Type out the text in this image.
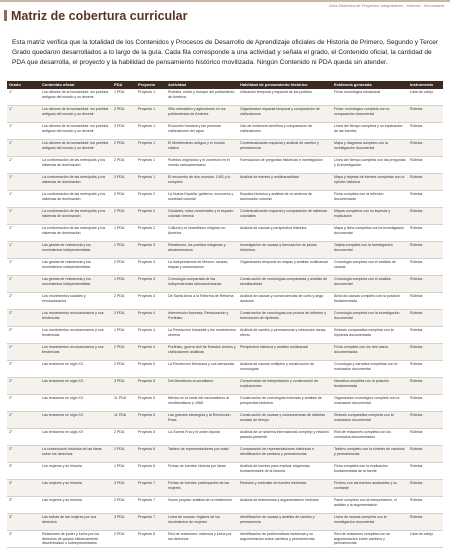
Guía Didáctica de Proyectos Integradores - Historia - Secundaria
Matriz de cobertura curricular
Esta matriz verifica que la totalidad de los Contenidos y Procesos de Desarrollo de Aprendizaje oficiales de Historia de Primero, Segundo y Tercer Grado quedaron desarrollados a lo largo de la guía. Cada fila corresponde a una actividad y señala el grado, el Contenido oficial, la cantidad de PDA que desarrolla, el proyecto y la habilidad de pensamiento histórico movilizada. Ningún Contenido ni PDA queda sin atender.
Grado	Contenido oficial	PDA	Proyecto	Actividad	Habilidad de pensamiento histórico	Evidencia generada	Instrumento
1°	Los albores de la humanidad: los pueblos antiguos del mundo y su devenir	1 PDA	Proyecto 1	Puentes, redes y trueque del poblamiento de América	Ubicación temporal y espacial de los pueblos	Ficha cronológica situacional	Lista de cotejo
1°	Los albores de la humanidad: los pueblos antiguos del mundo y su devenir	2 PDA	Proyecto 1	Sitio orientativo y agricultores en los poblamientos de América	Organización espacial temporal y comparación de civilizaciones	Ficha: cronológico completo con la comparación documental	Rúbrica
1°	Los albores de la humanidad: los pueblos antiguos del mundo y su devenir	3 PDA	Proyecto 1	Evolución humana y las primeras civilizaciones del agua	Uso de evidencia científica y comparación de civilizaciones	Línea del tiempo completa y su explicación de las fuentes	Rúbrica
1°	Los albores de la humanidad: los pueblos antiguos del mundo y su devenir	2 PDA	Proyecto 1	El Mediterráneo antiguo y el mundo clásico	Contextualización espacial y análisis de cambio y permanencia	Mapa y diagrama completo con la investigación documental	Rúbrica
1°	La conformación de las metrópolis y los sistemas de dominación	2 PDA	Proyecto 1	Pueblos originarios y el comercio en el mundo mesoamericano	Formulación de preguntas históricas e investigación	Línea del tiempo completa con las preguntas y la investigación	Rúbrica
1°	La conformación de las metrópolis y los sistemas de dominación	3 PDA	Proyecto 1	El encuentro de dos mundos: 1492 y lo completo	Análisis de fuentes y multicausalidad	Mapa y tarjetas de fuentes completas con la opinión histórica	Rúbrica
1°	La conformación de las metrópolis y los sistemas de dominación	2 PDA	Proyecto 2	La Nueva España: gobierno, economía y sociedad colonial	Empatía histórica y análisis de un sistema de dominación colonial	Ficha completa con la reflexión documentada	Rúbrica
1°	La conformación de las metrópolis y los sistemas de dominación	2 PDA	Proyecto 2	Ciudades, rutas comerciales y el espacio colonial virreinal	Contextualización espacial y comparación de sistemas coloniales	Mapas completos con su leyenda y explicación	Rúbrica
1°	La conformación de las metrópolis y los sistemas de dominación	1 PDA	Proyecto 2	Cultural y el sincretismo religioso en América	Análisis de causas y perspectiva histórica	Mapa y ficha completos con la investigación documental	Rúbrica
1°	Las gestas de resistencia y los movimientos independentistas	1 PDA	Proyecto 3	Rebeliones, los pueblos indígenas y afroamericanos	Investigación de causas y formulación de juicios históricos	Tarjeta completa con la investigación documental	Rúbrica
1°	Las gestas de resistencia y los movimientos independentistas	2 PDA	Proyecto 3	La independencia de México: causas, etapas y consumación	Organización temporal en etapas y análisis multicausal	Cronología completa con el análisis de causas	Rúbrica
1°	Las gestas de resistencia y los movimientos independentistas	1 PDA	Proyecto 3	Cronología comparada de las independencias latinoamericanas	Construcción de cronologías comparadas y análisis de simultaneidad	Cronología completa con el análisis documental	Rúbrica
2°	Los movimientos sociales y revolucionarios	2 PDA	Proyecto 4	De Santa Anna a la Reforma de Reforma	Análisis de causas y consecuencias de corta y larga duración	Árbol de causas completo con la posición fundamentada	Rúbrica
2°	Los movimientos revolucionarios y sus tendencias	3 PDA	Proyecto 4	Intervención francesa, Restauración y Porfiriato	Construcción de cronologías con puntos de inflexión y formulación de hipótesis	Cronología completa con la investigación documental	Rúbrica
2°	Los movimientos revolucionarios y sus tendencias	1 PDA	Proyecto 4	La Revolución Industrial y los movimientos obreros	Análisis de cambio y permanencia y relaciones causa-efecto	Síntesis comparativa completa con la hipótesis documentada	Rúbrica
2°	Los movimientos revolucionarios y sus tendencias	2 PDA	Proyecto 4	Porfiriato, guerra civil de Estados Unidos y civilizaciones asiáticas	Perspectiva histórica y análisis multicausal	Ficha completa con los tres casos documentados	Rúbrica
2°	Las tensiones en siglo XX	2 PDA	Proyecto 5	La Revolución Mexicana y sus demandas	Análisis de causas múltiples y construcción de cronologías	Cronología y narrativa completas con la evaluación documental	Rúbrica
2°	Las tensiones en siglo XX	3 PDA	Proyecto 5	Del liberalismo al socialismo	Comprensión de interpretación y construcción de explicaciones	Narrativa completa con la posición fundamentada	Rúbrica
2°	Las tensiones en siglo XX	11 PDA	Proyecto 5	México en la crisis del nacionalismo al neoliberalismo y 1968	Construcción de cronologías extensas y análisis de perspectiva histórica	Organizador cronológico completo con la evaluación documental	Rúbrica
2°	Las tensiones en siglo XX	11 PDA	Proyecto 5	Las grandes ideologías y la Revolución Rusa	Construcción de causas y consecuencias de distintas escalas de tiempo	Síntesis comparativa completa con la evaluación documental	Rúbrica
2°	Las tensiones en siglo XX	2 PDA	Proyecto 5	La Guerra Fría y el orden bipolar	Análisis de un sistema internacional complejo y relación pasado-presente	Red de relaciones completa con los conceptos documentados	Rúbrica
2°	La construcción histórica de las ideas sobre los derechos	2 PDA	Proyecto 6	Tablero de representaciones por edad	Comparación de representaciones históricas e identificación de cambios y permanencias	Tablero completo con la síntesis de cambios y permanencias	Rúbrica
3°	Los mujeres y su historia	1 PDA	Proyecto 6	Fichas de fuentes: historia por ideas	Análisis de fuentes para explicar exigencias fundamentales de la historia	Ficha completa con la explicación fundamentada de la fuente	Rúbrica
3°	Las mujeres y su historia	3 PDA	Proyecto 7	Fichas de fuentes: participación de las mujeres	Revisión y contraste de fuentes históricas	Fichero con las fuentes analizadas y su contraste	Rúbrica
3°	Las mujeres y su historia	2 PDA	Proyecto 7	Voces propias: análisis de un testimonio	Análisis de testimonios y argumentación histórica	Panel completo con la interpretación, el análisis y la argumentación	Rúbrica
3°	Las luchas de las mujeres por sus derechos	3 PDA	Proyecto 7	Línea de causas: reglares de los movimientos de mujeres	Identificación de causas y análisis de cambio y permanencia	Línea de causas completa con la investigación documental	Rúbrica
3°	Relaciones de poder y lucha por los derechos de grupos históricamente discriminados o subrepresentados	2 PDA	Proyecto 8	Red de relaciones: violencia y lucha por los derechos	Identificación de problemáticas históricas y su argumentación sobre cambios y permanencias	Red de relaciones completa con su argumentación sobre cambios y permanencias	Lista de cotejo
